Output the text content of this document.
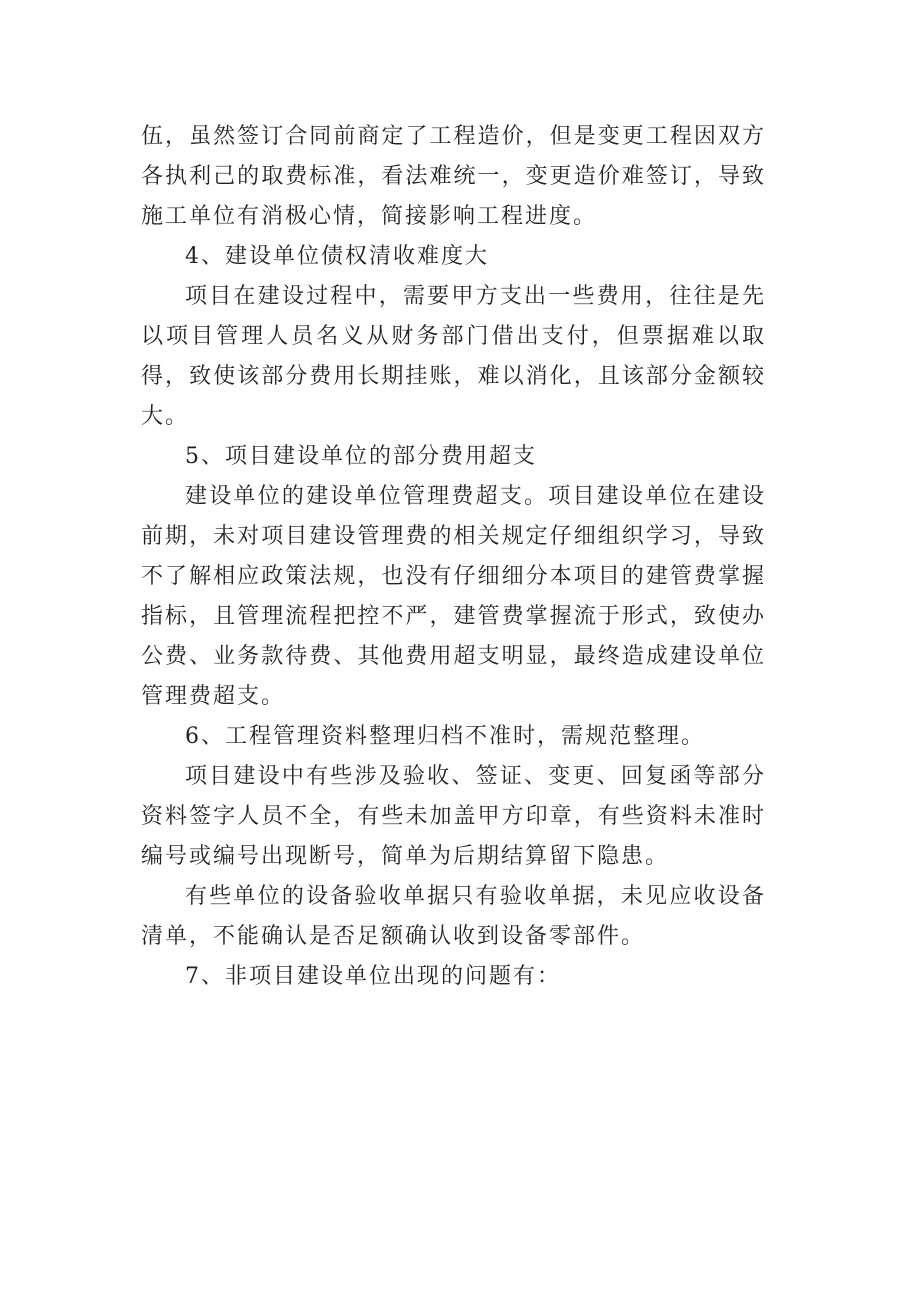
伍，虽然签订合同前商定了工程造价，但是变更工程因双方各执利己的取费标准，看法难统一，变更造价难签订，导致施工单位有消极心情，简接影响工程进度。

4、建设单位债权清收难度大

项目在建设过程中，需要甲方支出一些费用，往往是先以项目管理人员名义从财务部门借出支付，但票据难以取得，致使该部分费用长期挂账，难以消化，且该部分金额较大。

5、项目建设单位的部分费用超支

建设单位的建设单位管理费超支。项目建设单位在建设前期，未对项目建设管理费的相关规定仔细组织学习，导致不了解相应政策法规，也没有仔细细分本项目的建管费掌握指标，且管理流程把控不严，建管费掌握流于形式，致使办公费、业务款待费、其他费用超支明显，最终造成建设单位管理费超支。

6、工程管理资料整理归档不准时，需规范整理。

项目建设中有些涉及验收、签证、变更、回复函等部分资料签字人员不全，有些未加盖甲方印章，有些资料未准时编号或编号出现断号，简单为后期结算留下隐患。

有些单位的设备验收单据只有验收单据，未见应收设备清单，不能确认是否足额确认收到设备零部件。

7、非项目建设单位出现的问题有：
